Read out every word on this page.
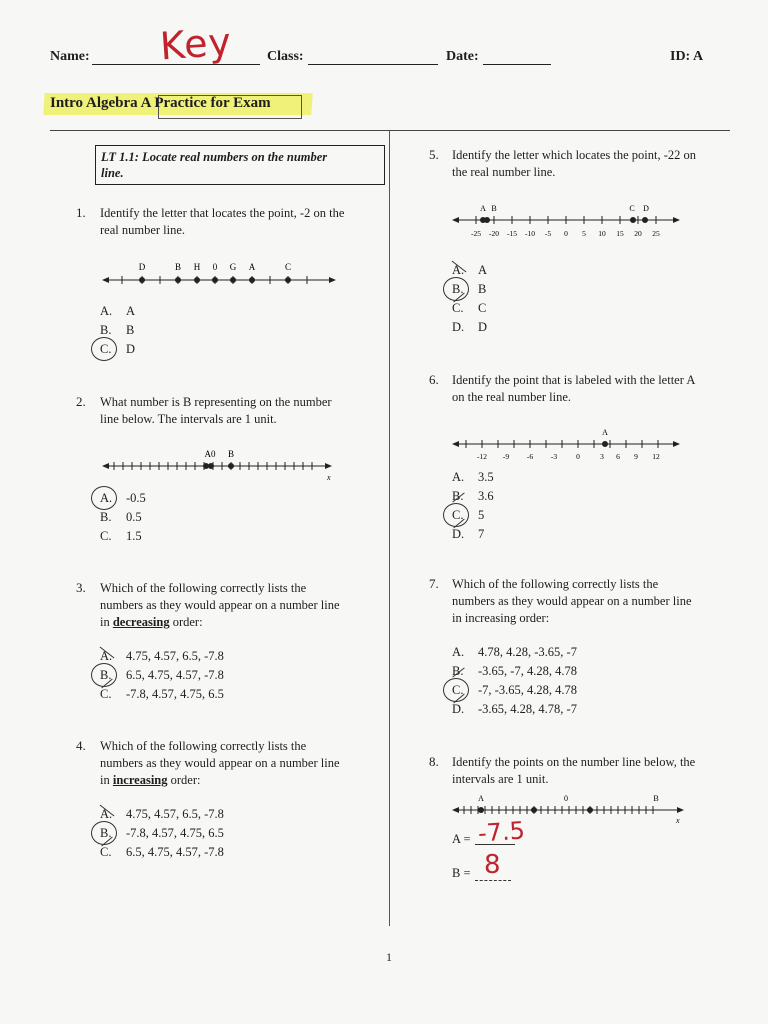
Name: Key Class:	Date:	ID: A
Intro Algebra A Practice for Exam
LT 1.1: Locate real numbers on the number
line.
1. Identify the letter that locates the point, -2 on the
real number line.
D	B H 0 G A	C
A. A
B. B
C. D
2. What number is B representing on the number
line below. The intervals are 1 unit.
A0 B
x
A. -0.5
B. 0.5
C. 1.5
3. Which of the following correctly lists the
numbers as they would appear on a number line
in decreasing order:
A. 4.75, 4.57, 6.5, -7.8
B. 6.5, 4.75, 4.57, -7.8
C. -7.8, 4.57, 4.75, 6.5
4. Which of the following correctly lists the
numbers as they would appear on a number line
in increasing order:
A. 4.75, 4.57, 6.5, -7.8
B. -7.8, 4.57, 4.75, 6.5
C. 6.5, 4.75, 4.57, -7.8
5. Identify the letter which locates the point, -22 on
the real number line.
A B	C D
-25 -20 -15 -10 -5 0 5 10 15 20 25
A. A
B. B
C. C
D. D
6. Identify the point that is labeled with the letter A
on the real number line.
A
-12 -9 -6 -3	0	3 6 9 12
A. 3.5
B. 3.6
C. 5
D. 7
7. Which of the following correctly lists the
numbers as they would appear on a number line
in increasing order:
A. 4.78, 4.28, -3.65, -7
B. -3.65, -7, 4.28, 4.78
C. -7, -3.65, 4.28, 4.78
D. -3.65, 4.28, 4.78, -7
8. Identify the points on the number line below, the
intervals are 1 unit.
A	0	B
x
A = -7.5
B = 8
1
